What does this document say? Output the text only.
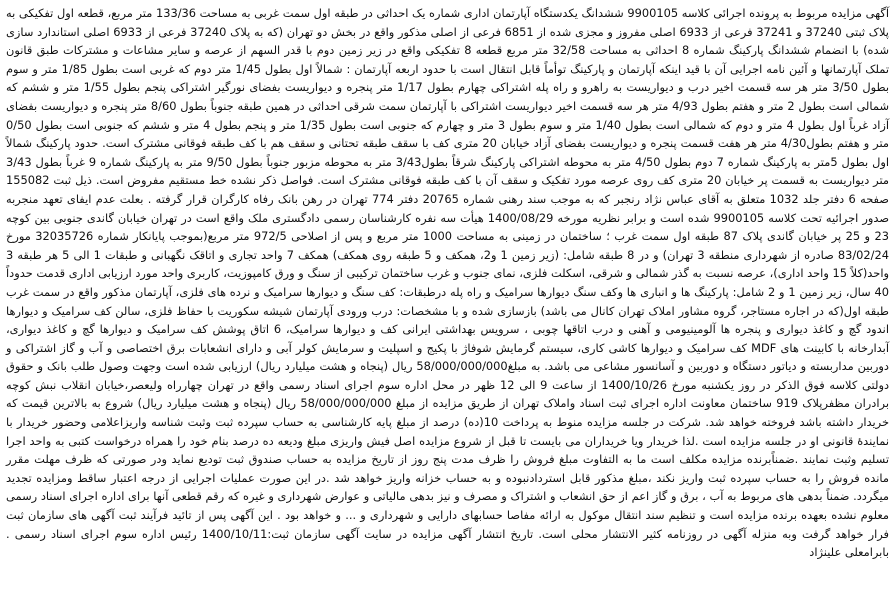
آگهی مزایده مربوط به پرونده اجرائی کلاسه 9900105 ششدانگ یکدستگاه آپارتمان اداری شماره یک احداثی در طبقه اول سمت غربی به مساحت 133/36 متر مربع، قطعه اول تفکیکی به پلاک ثبتی 37240 و 37241 فرعی از 6933 اصلی مفروز و مجزی شده از 6851 فرعی از اصلی مذکور واقع در بخش دو تهران (که به پلاک 37240 فرعی از 6933 اصلی استاندارد سازی شده) با انضمام ششدانگ پارکینگ شماره 8 احداثی به مساحت 32/58 متر مربع قطعه 8 تفکیکی واقع در زیر زمین دوم با قدر السهم از عرصه و سایر مشاعات و مشترکات طبق قانون تملک آپارتمانها و آئین نامه اجرایی آن با قید اینکه آپارتمان و پارکینگ توأماً قابل انتقال است با حدود اربعه آپارتمان : شمالاً اول بطول 1/45 متر دوم که غربی است بطول 1/85 متر و سوم بطول 3/50 متر هر سه قسمت اخیر درب و دیواریست به راهرو و راه پله اشتراکی چهارم بطول 1/17 متر پنجره و دیواریست بفضای نورگیر اشتراکی پنجم بطول 1/55 متر و ششم که شمالی است بطول 2 متر و هفتم بطول 4/93 متر هر سه قسمت اخیر دیواریست اشتراکی با آپارتمان سمت شرقی احداثی در همین طبقه جنوباً بطول 8/60 متر پنجره و دیواریست بفضای آزاد غرباً اول بطول 4 متر و دوم که شمالی است بطول 1/40 متر و سوم بطول 3 متر و چهارم که جنوبی است بطول 1/35 متر و پنجم بطول 4 متر و ششم که جنوبی است بطول 0/50 متر و هفتم بطول4/30 متر هر هفت قسمت پنجره و دیواریست بفضای آزاد خیابان 20 متری کف با سقف طبقه تحتانی و سقف هم با کف طبقه فوقانی مشترک است. حدود پارکینگ شمالاً اول بطول 5متر به پارکینگ شماره 7 دوم بطول 4/50 متر به محوطه اشتراکی پارکینگ شرقاً بطول3/43 متر به محوطه مزبور جنوباً بطول 9/50 متر به پارکینگ شماره 9 غرباً بطول 3/43 متر دیواریست به قسمت پر خیابان 20 متری کف روی عرصه مورد تفکیک و سقف آن با کف طبقه فوقانی مشترک است. فواصل ذکر نشده خط مستقیم مفروض است. ذیل ثبت 155082 صفحه 6 دفتر جلد 1032 متعلق به آقای عباس نژاد رنجبر که به موجب سند رهنی شماره 20765 دفتر 774 تهران در رهن بانک رفاه کارگران قرار گرفته . بعلت عدم ایفای تعهد منجربه صدور اجرائیه تحت کلاسه 9900105 شده است و برابر نظریه مورخه 1400/08/29 هیأت سه نفره کارشناسان رسمی دادگستری ملک واقع است در تهران خیابان گاندی جنوبی بین کوچه 23 و 25 پر خیابان گاندی پلاک 87 طبقه اول سمت غرب ؛ ساختمان در زمینی به مساحت 1000 متر مربع و پس از اصلاحی 972/5 متر مربع(بموجب پایانکار شماره 32035726 مورخ 83/02/24 صادره از شهرداری منطقه 3 تهران) و در 8 طبقه شامل: (زیر زمین 1 و2، همکف و 5 طبقه روی همکف) همکف 7 واحد تجاری و اتاقک نگهبانی و طبقات 1 الی 5 هر طبقه 3 واحد(کلاً 15 واحد اداری)، عرصه نسبت به گذر شمالی و شرقی، اسکلت فلزی، نمای جنوب و غرب ساختمان ترکیبی از سنگ و ورق کامپوزیت، کاربری واحد مورد ارزیابی اداری قدمت حدوداً 40 سال، زیر زمین 1 و 2 شامل: پارکینگ ها و انباری ها وکف سنگ دیوارها سرامیک و راه پله درطبقات: کف سنگ و دیوارها سرامیک و نرده های فلزی، آپارتمان مذکور واقع در سمت غرب طبقه اول(که در اجاره مستاجر، گروه مشاور املاک تهران کانال می باشد) بازسازی شده و با مشخصات: درب ورودی آپارتمان شیشه سکوریت با حفاظ فلزی، سالن کف سرامیک و دیوارها اندود گچ و کاغذ دیواری و پنجره ها آلومینیومی و آهنی و درب اتاقها چوبی ، سرویس بهداشتی ایرانی کف و دیوارها سرامیک، 6 اتاق پوشش کف سرامیک و دیوارها گچ و کاغذ دیواری، آبدارخانه با کابینت های MDF کف سرامیک و دیوارها کاشی کاری، سیستم گرمایش شوفاژ با پکیج و اسپلیت و سرمایش کولر آبی و دارای انشعابات برق اختصاصی و آب و گاز اشتراکی و دوربین مداربسته و دیاتور دستگاه و دوربین و آسانسور مشاعی می باشد. به مبلغ58/000/000/000 ریال (پنجاه و هشت میلیارد ریال) ارزیابی شده است وجهت وصول طلب بانک و حقوق دولتی کلاسه فوق الذکر در روز یکشنبه مورخ 1400/10/26 از ساعت 9 الی 12 ظهر در محل اداره سوم اجرای اسناد رسمی واقع در تهران چهارراه ولیعصر،خیابان انقلاب نبش کوچه برادران مظفرپلاک 919 ساختمان معاونت اداره اجرای ثبت اسناد واملاک تهران از طریق مزایده از مبلغ 58/000/000/000 ریال (پنجاه و هشت میلیارد ریال) شروع به بالاترین قیمت که خریدار داشته باشد فروخته خواهد شد. شرکت در جلسه مزایده منوط به پرداخت 10(ده) درصد از مبلغ پایه کارشناسی به حساب سپرده ثبت وثبت شناسه واریزاعلامی وحضور خریدار با نمایندۀ قانونی او در جلسه مزایده است .لذا خریدار ویا خریداران می بایست تا قبل از شروع مزایده اصل فیش واریزی مبلغ ودیعه ده درصد بنام خود را همراه درخواست کتبی به واحد اجرا تسلیم وثبت نمایند .ضمناًبرنده مزایده مکلف است ما به التفاوت مبلغ فروش را ظرف مدت پنج روز از تاریخ مزایده به حساب صندوق ثبت تودیع نماید ودر صورتی که ظرف مهلت مقرر مانده فروش را به حساب سپرده ثبت واریز نکند ،مبلغ مذکور قابل استردادنبوده و به حساب خزانه واریز خواهد شد .در این صورت عملیات اجرایی از درجه اعتبار ساقط ومزایده تجدید میگردد. ضمناً بدهی های مربوط به آب ، برق و گاز اعم از حق انشعاب و اشتراک و مصرف و نیز بدهی مالیاتی و عوارض شهرداری و غیره که رقم قطعی آنها برای اداره اجرای اسناد رسمی معلوم نشده بعهده برنده مزایده است و تنظیم سند انتقال موکول به ارائه مفاصا حسابهای دارایی و شهرداری و ... و خواهد بود . این آگهی پس از تائید فرآیند ثبت آگهی های سازمان ثبت فرار خواهد گرفت وبه منزله آگهی در روزنامه کثیر الانتشار محلی است. تاریخ انتشار آگهی مزایده در سایت آگهی سازمان ثبت:1400/10/11 رئیس اداره سوم اجرای اسناد رسمی . بابرامعلی علینژاد
